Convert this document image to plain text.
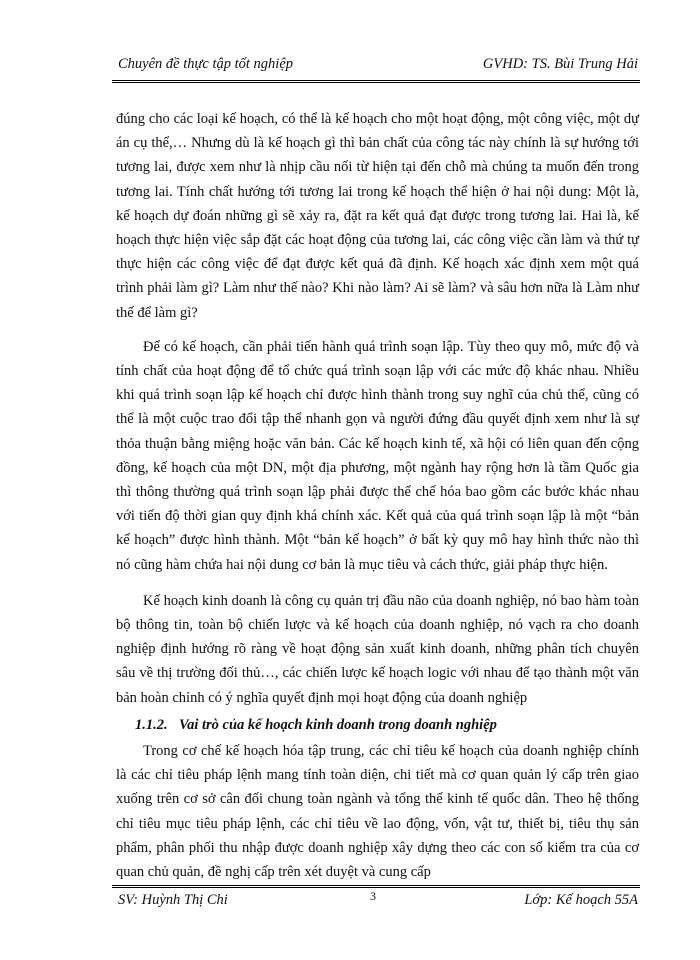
Chuyên đề thực tập tốt nghiệp	GVHD: TS. Bùi Trung Hải

đúng cho các loại kế hoạch, có thể là kế hoạch cho một hoạt động, một công việc, một dự án cụ thể,… Nhưng dù là kế hoạch gì thì bản chất của công tác này chính là sự hướng tới tương lai, được xem như là nhịp cầu nối từ hiện tại đến chỗ mà chúng ta muốn đến trong tương lai. Tính chất hướng tới tương lai trong kế hoạch thể hiện ở hai nội dung: Một là, kế hoạch dự đoán những gì sẽ xảy ra, đặt ra kết quả đạt được trong tương lai. Hai là, kế hoạch thực hiện việc sắp đặt các hoạt động của tương lai, các công việc cần làm và thứ tự thực hiện các công việc để đạt được kết quả đã định. Kế hoạch xác định xem một quá trình phải làm gì? Làm như thế nào? Khi nào làm? Ai sẽ làm? và sâu hơn nữa là Làm như thế để làm gì?

Để có kế hoạch, cần phải tiến hành quá trình soạn lập. Tùy theo quy mô, mức độ và tính chất của hoạt động để tổ chức quá trình soạn lập với các mức độ khác nhau. Nhiều khi quá trình soạn lập kế hoạch chỉ được hình thành trong suy nghĩ của chủ thể, cũng có thể là một cuộc trao đổi tập thể nhanh gọn và người đứng đầu quyết định xem như là sự thỏa thuận bằng miệng hoặc văn bản. Các kế hoạch kinh tế, xã hội có liên quan đến cộng đồng, kế hoạch của một DN, một địa phương, một ngành hay rộng hơn là tầm Quốc gia thì thông thường quá trình soạn lập phải được thể chế hóa bao gồm các bước khác nhau với tiến độ thời gian quy định khá chính xác. Kết quả của quá trình soạn lập là một “bản kế hoạch” được hình thành. Một “bản kế hoạch” ở bất kỳ quy mô hay hình thức nào thì nó cũng hàm chứa hai nội dung cơ bản là mục tiêu và cách thức, giải pháp thực hiện.

Kế hoạch kinh doanh là công cụ quản trị đầu não của doanh nghiệp, nó bao hàm toàn bộ thông tin, toàn bộ chiến lược và kế hoạch của doanh nghiệp, nó vạch ra cho doanh nghiệp định hướng rõ ràng về hoạt động sản xuất kinh doanh, những phân tích chuyên sâu về thị trường đối thủ…, các chiến lược kế hoạch logic với nhau để tạo thành một văn bản hoàn chỉnh có ý nghĩa quyết định mọi hoạt động của doanh nghiệp

1.1.2. Vai trò của kế hoạch kinh doanh trong doanh nghiệp

Trong cơ chế kế hoạch hóa tập trung, các chỉ tiêu kế hoạch của doanh nghiệp chính là các chỉ tiêu pháp lệnh mang tính toàn diện, chi tiết mà cơ quan quản lý cấp trên giao xuống trên cơ sở cân đối chung toàn ngành và tổng thể kinh tế quốc dân. Theo hệ thống chỉ tiêu mục tiêu pháp lệnh, các chỉ tiêu về lao động, vốn, vật tư, thiết bị, tiêu thụ sản phẩm, phân phối thu nhập được doanh nghiệp xây dựng theo các con số kiểm tra của cơ quan chủ quản, đề nghị cấp trên xét duyệt và cung cấp

SV: Huỳnh Thị Chi	3	Lớp: Kế hoạch 55A
